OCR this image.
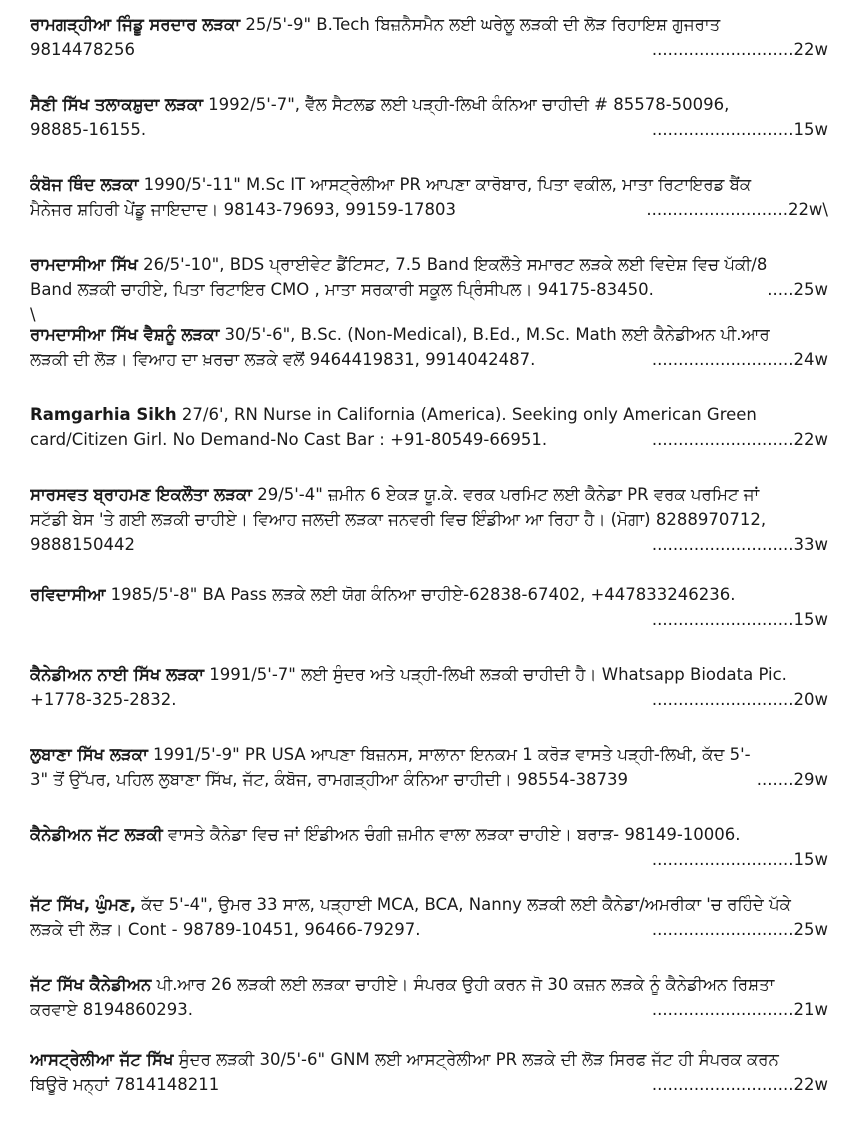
ਰਾਮਗੜ੍ਹੀਆ ਜਿੰਡੂ ਸਰਦਾਰ ਲੜਕਾ 25/5'-9" B.Tech ਬਿਜ਼ਨੈਸਮੈਨ ਲਈ ਘਰੇਲੂ ਲੜਕੀ ਦੀ ਲੋੜ ਰਿਹਾਇਸ਼ ਗੁਜਰਾਤ
9814478256	...........................22w
ਸੈਣੀ ਸਿੱਖ ਤਲਾਕਸ਼ੁਦਾ ਲੜਕਾ 1992/5'-7", ਵੈੱਲ ਸੈਟਲਡ ਲਈ ਪੜ੍ਹੀ-ਲਿਖੀ ਕੰਨਿਆ ਚਾਹੀਦੀ # 85578-50096,
98885-16155.	...........................15w
ਕੰਬੋਜ ਥਿੰਦ ਲੜਕਾ 1990/5'-11" M.Sc IT ਆਸਟ੍ਰੇਲੀਆ PR ਆਪਣਾ ਕਾਰੋਬਾਰ, ਪਿਤਾ ਵਕੀਲ, ਮਾਤਾ ਰਿਟਾਇਰਡ ਬੈਂਕ
ਮੈਨੇਜਰ ਸ਼ਹਿਰੀ ਪੇਂਡੂ ਜਾਇਦਾਦ। 98143-79693, 99159-17803	...........................22w\
ਰਾਮਦਾਸੀਆ ਸਿੱਖ 26/5'-10", BDS ਪ੍ਰਾਈਵੇਟ ਡੈਂਟਿਸਟ, 7.5 Band ਇਕਲੌਤੇ ਸਮਾਰਟ ਲੜਕੇ ਲਈ ਵਿਦੇਸ਼ ਵਿਚ ਪੱਕੀ/8
Band ਲੜਕੀ ਚਾਹੀਏ, ਪਿਤਾ ਰਿਟਾਇਰ CMO , ਮਾਤਾ ਸਰਕਾਰੀ ਸਕੂਲ ਪ੍ਰਿੰਸੀਪਲ। 94175-83450.	.....25w
\
ਰਾਮਦਾਸੀਆ ਸਿੱਖ ਵੈਸ਼ਨੂੰ ਲੜਕਾ 30/5'-6", B.Sc. (Non-Medical), B.Ed., M.Sc. Math ਲਈ ਕੈਨੇਡੀਅਨ ਪੀ.ਆਰ
ਲੜਕੀ ਦੀ ਲੋੜ। ਵਿਆਹ ਦਾ ਖ਼ਰਚਾ ਲੜਕੇ ਵਲੋਂ 9464419831, 9914042487.	...........................24w
Ramgarhia Sikh 27/6', RN Nurse in California (America). Seeking only American Green
card/Citizen Girl. No Demand-No Cast Bar : +91-80549-66951.	...........................22w
ਸਾਰਸਵਤ ਬ੍ਰਾਹਮਣ ਇਕਲੌਤਾ ਲੜਕਾ 29/5'-4" ਜ਼ਮੀਨ 6 ਏਕੜ ਯੂ.ਕੇ. ਵਰਕ ਪਰਮਿਟ ਲਈ ਕੈਨੇਡਾ PR ਵਰਕ ਪਰਮਿਟ ਜਾਂ
ਸਟੱਡੀ ਬੇਸ 'ਤੇ ਗਈ ਲੜਕੀ ਚਾਹੀਏ। ਵਿਆਹ ਜਲਦੀ ਲੜਕਾ ਜਨਵਰੀ ਵਿਚ ਇੰਡੀਆ ਆ ਰਿਹਾ ਹੈ। (ਮੋਗਾ) 8288970712,
9888150442	...........................33w
ਰਵਿਦਾਸੀਆ 1985/5'-8" BA Pass ਲੜਕੇ ਲਈ ਯੋਗ ਕੰਨਿਆ ਚਾਹੀਏ-62838-67402, +447833246236.
...........................15w
ਕੈਨੇਡੀਅਨ ਨਾਈ ਸਿੱਖ ਲੜਕਾ 1991/5'-7" ਲਈ ਸੁੰਦਰ ਅਤੇ ਪੜ੍ਹੀ-ਲਿਖੀ ਲੜਕੀ ਚਾਹੀਦੀ ਹੈ। Whatsapp Biodata Pic.
+1778-325-2832.	...........................20w
ਲੁਬਾਣਾ ਸਿੱਖ ਲੜਕਾ 1991/5'-9" PR USA ਆਪਣਾ ਬਿਜ਼ਨਸ, ਸਾਲਾਨਾ ਇਨਕਮ 1 ਕਰੋੜ ਵਾਸਤੇ ਪੜ੍ਹੀ-ਲਿਖੀ, ਕੱਦ 5'-
3" ਤੋਂ ਉੱਪਰ, ਪਹਿਲ ਲੁਬਾਣਾ ਸਿੱਖ, ਜੱਟ, ਕੰਬੋਜ, ਰਾਮਗੜ੍ਹੀਆ ਕੰਨਿਆ ਚਾਹੀਦੀ। 98554-38739	.......29w
ਕੈਨੇਡੀਅਨ ਜੱਟ ਲੜਕੀ ਵਾਸਤੇ ਕੈਨੇਡਾ ਵਿਚ ਜਾਂ ਇੰਡੀਅਨ ਚੰਗੀ ਜ਼ਮੀਨ ਵਾਲਾ ਲੜਕਾ ਚਾਹੀਏ। ਬਰਾੜ- 98149-10006.
...........................15w
ਜੱਟ ਸਿੱਖ, ਘੁੰਮਣ, ਕੱਦ 5'-4", ਉਮਰ 33 ਸਾਲ, ਪੜ੍ਹਾਈ MCA, BCA, Nanny ਲੜਕੀ ਲਈ ਕੈਨੇਡਾ/ਅਮਰੀਕਾ 'ਚ ਰਹਿੰਦੇ ਪੱਕੇ
ਲੜਕੇ ਦੀ ਲੋੜ। Cont - 98789-10451, 96466-79297.	...........................25w
ਜੱਟ ਸਿੱਖ ਕੈਨੇਡੀਅਨ ਪੀ.ਆਰ 26 ਲੜਕੀ ਲਈ ਲੜਕਾ ਚਾਹੀਏ। ਸੰਪਰਕ ਉਹੀ ਕਰਨ ਜੋ 30 ਕਜ਼ਨ ਲੜਕੇ ਨੂੰ ਕੈਨੇਡੀਅਨ ਰਿਸ਼ਤਾ
ਕਰਵਾਏ 8194860293.	...........................21w
ਆਸਟ੍ਰੇਲੀਆ ਜੱਟ ਸਿੱਖ ਸੁੰਦਰ ਲੜਕੀ 30/5'-6" GNM ਲਈ ਆਸਟ੍ਰੇਲੀਆ PR ਲੜਕੇ ਦੀ ਲੋੜ ਸਿਰਫ ਜੱਟ ਹੀ ਸੰਪਰਕ ਕਰਨ
ਬਿਊਰੋ ਮਨ੍ਹਾਂ 7814148211	...........................22w
